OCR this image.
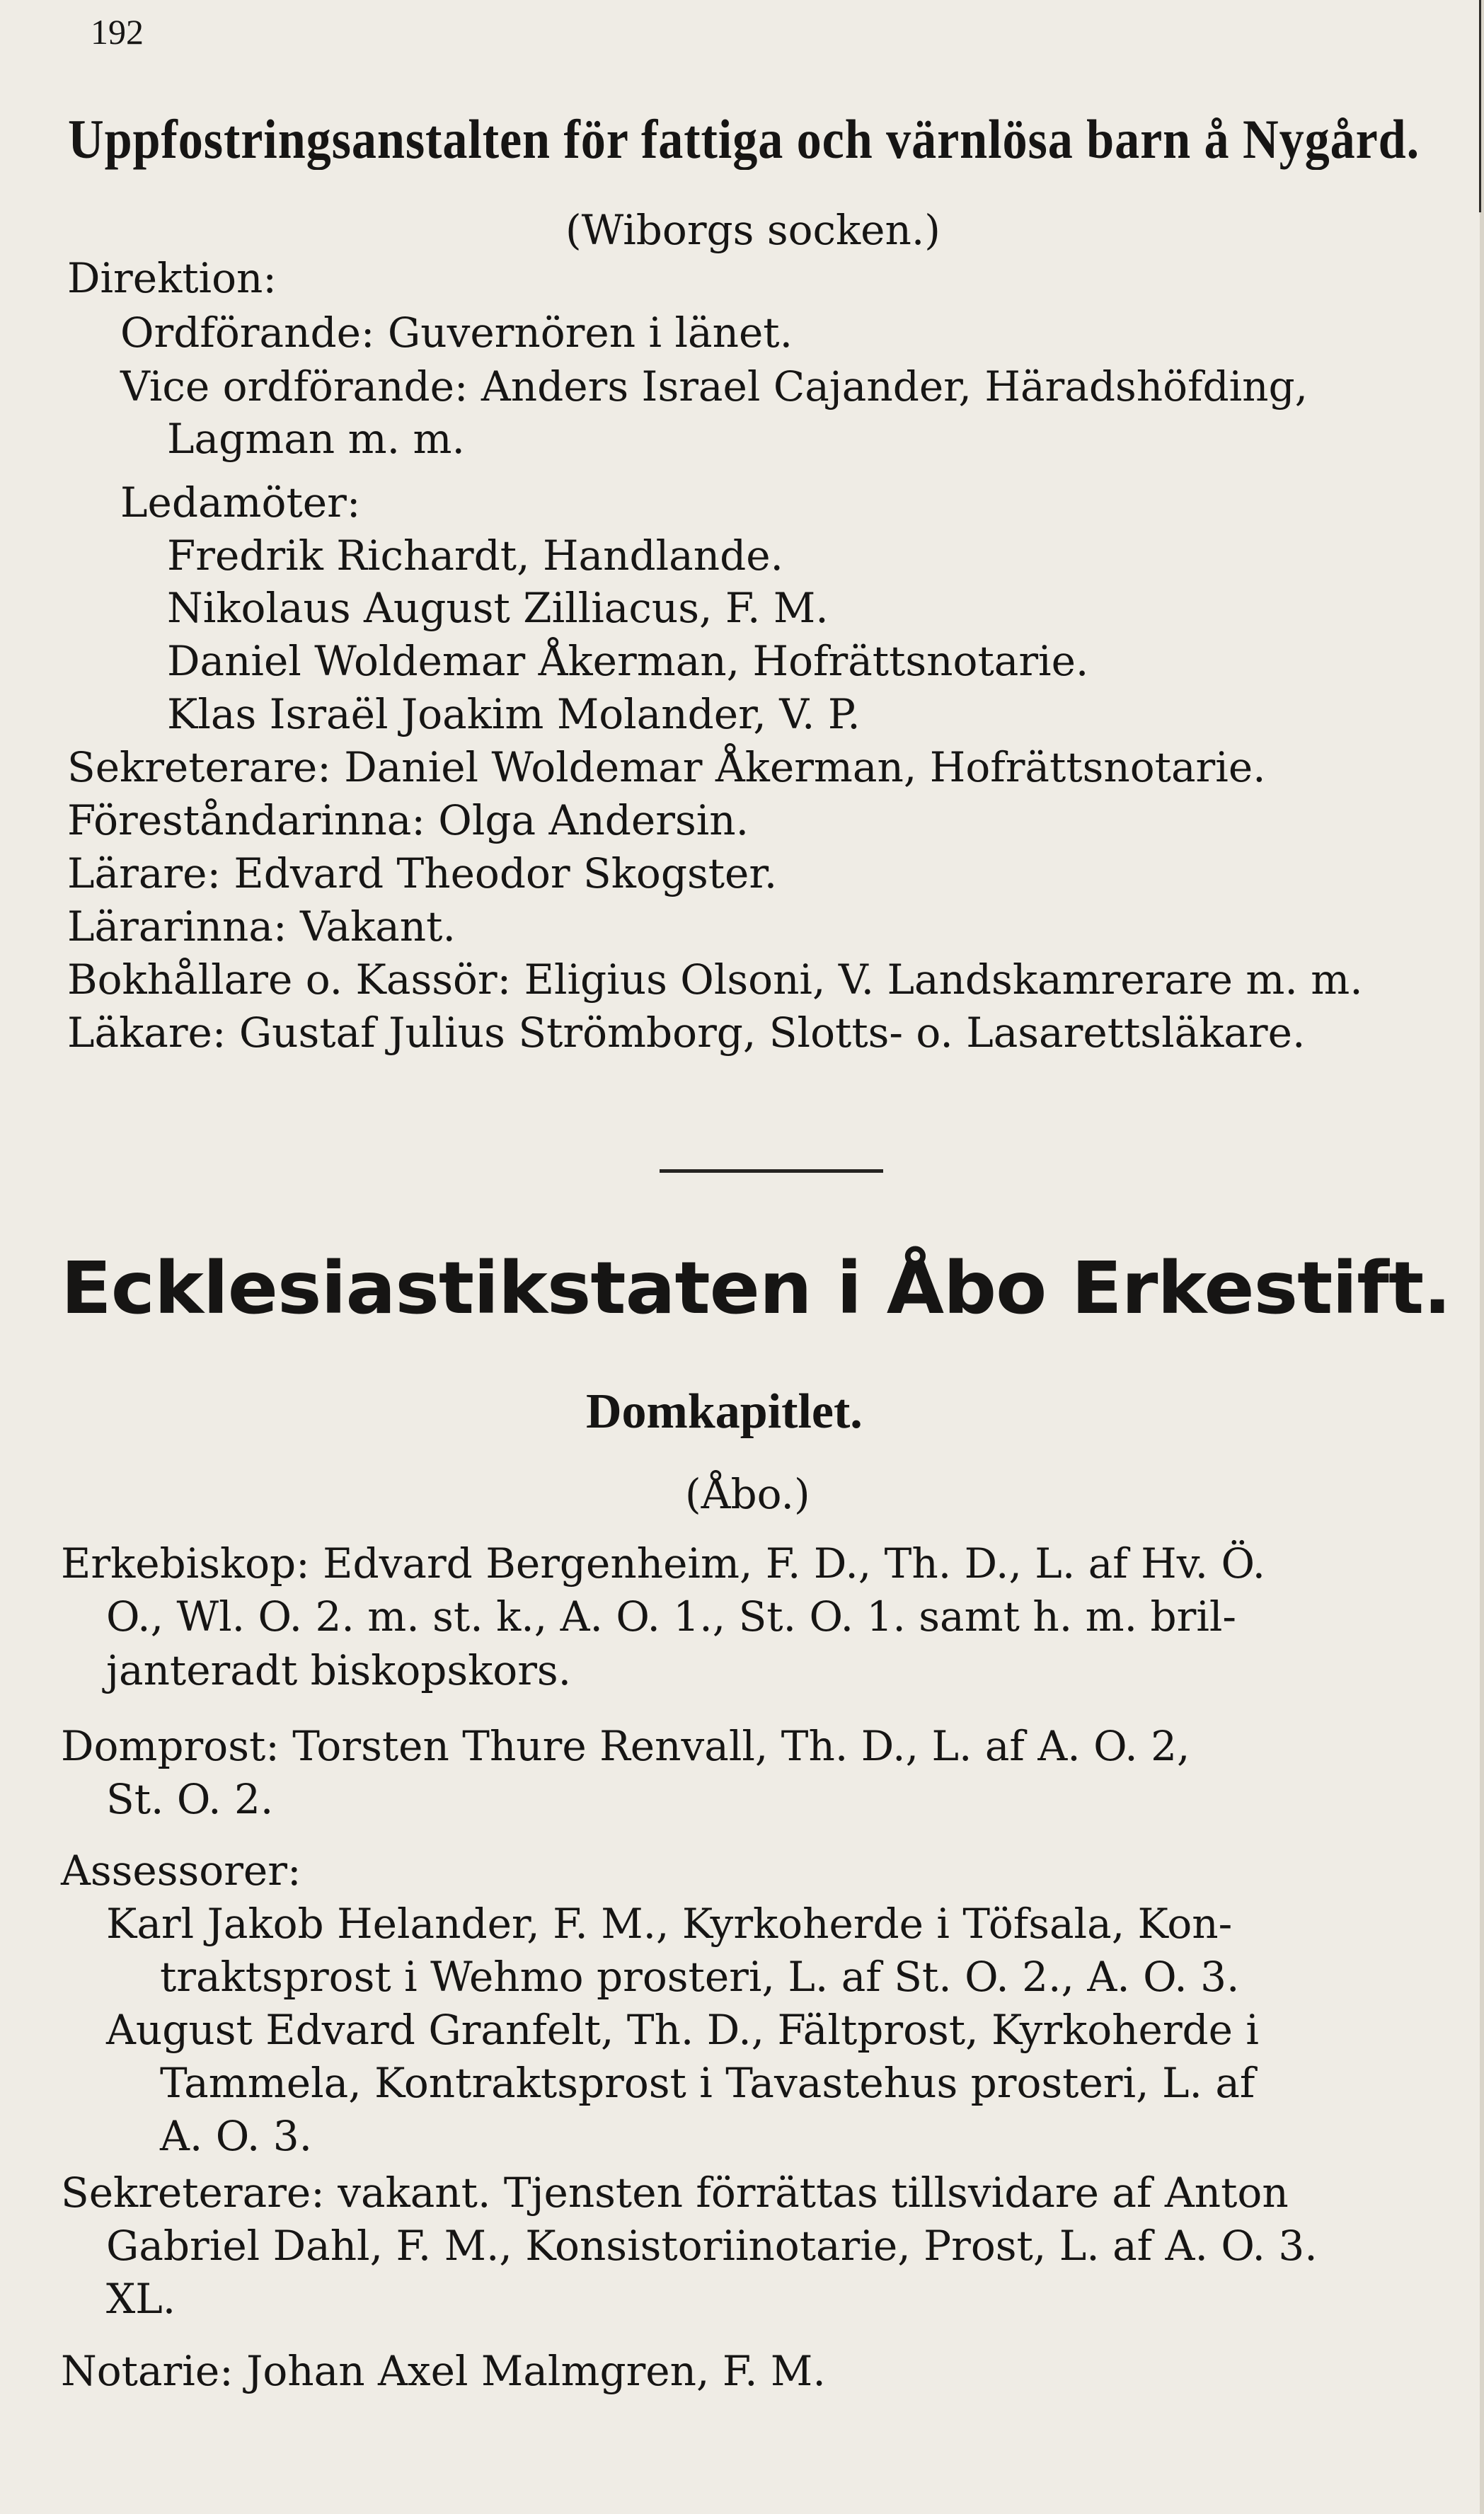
192
Uppfostringsanstalten för fattiga och värnlösa barn å Nygård.
(Wiborgs socken.)
Direktion:
Ordförande: Guvernören i länet.
Vice ordförande: Anders Israel Cajander, Häradshöfding,
Lagman m. m.
Ledamöter:
Fredrik Richardt, Handlande.
Nikolaus August Zilliacus, F. M.
Daniel Woldemar Åkerman, Hofrättsnotarie.
Klas Israël Joakim Molander, V. P.
Sekreterare: Daniel Woldemar Åkerman, Hofrättsnotarie.
Föreståndarinna: Olga Andersin.
Lärare: Edvard Theodor Skogster.
Lärarinna: Vakant.
Bokhållare o. Kassör: Eligius Olsoni, V. Landskamrerare m. m.
Läkare: Gustaf Julius Strömborg, Slotts- o. Lasarettsläkare.
Ecklesiastikstaten i Åbo Erkestift.
Domkapitlet.
(Åbo.)
Erkebiskop: Edvard Bergenheim, F. D., Th. D., L. af Hv. Ö.
O., Wl. O. 2. m. st. k., A. O. 1., St. O. 1. samt h. m. bril-
janteradt biskopskors.
Domprost: Torsten Thure Renvall, Th. D., L. af A. O. 2,
St. O. 2.
Assessorer:
Karl Jakob Helander, F. M., Kyrkoherde i Töfsala, Kon-
traktsprost i Wehmo prosteri, L. af St. O. 2., A. O. 3.
August Edvard Granfelt, Th. D., Fältprost, Kyrkoherde i
Tammela, Kontraktsprost i Tavastehus prosteri, L. af
A. O. 3.
Sekreterare: vakant. Tjensten förrättas tillsvidare af Anton
Gabriel Dahl, F. M., Konsistoriinotarie, Prost, L. af A. O. 3.
XL.
Notarie: Johan Axel Malmgren, F. M.
